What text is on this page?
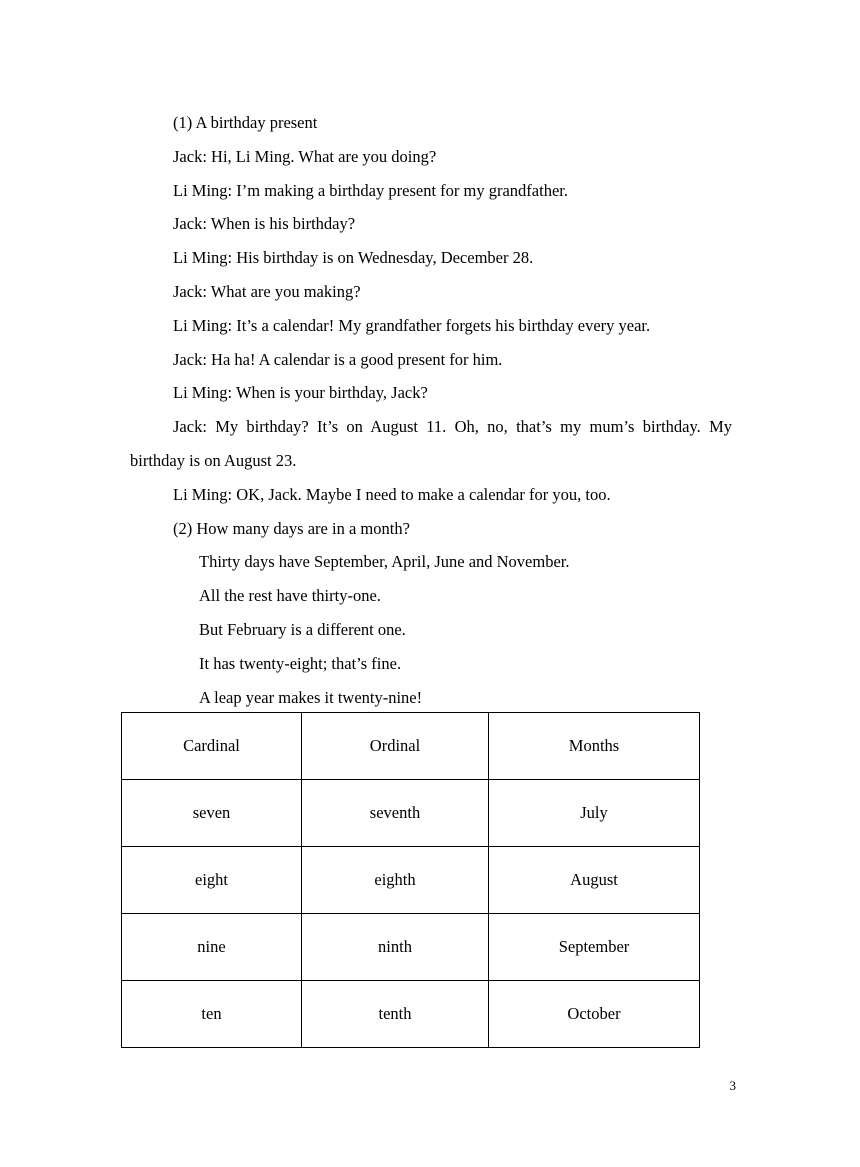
(1) A birthday present

Jack: Hi, Li Ming. What are you doing?

Li Ming: I’m making a birthday present for my grandfather.

Jack: When is his birthday?

Li Ming: His birthday is on Wednesday, December 28.

Jack: What are you making?

Li Ming: It’s a calendar! My grandfather forgets his birthday every year.

Jack: Ha ha! A calendar is a good present for him.

Li Ming: When is your birthday, Jack?

Jack: My birthday? It’s on August 11. Oh, no, that’s my mum’s birthday. My birthday is on August 23.

Li Ming: OK, Jack. Maybe I need to make a calendar for you, too.

(2) How many days are in a month?

Thirty days have September, April, June and November.

All the rest have thirty-one.

But February is a different one.

It has twenty-eight; that’s fine.

A leap year makes it twenty-nine!

Cardinal	Ordinal	Months
seven	seventh	July
eight	eighth	August
nine	ninth	September
ten	tenth	October
3
